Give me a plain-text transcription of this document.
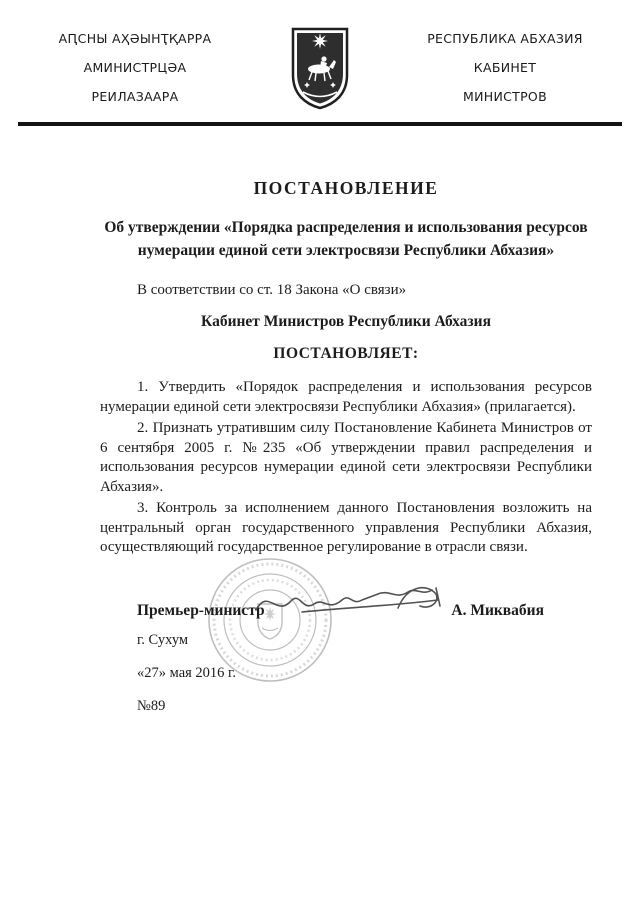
АԤСНЫ АҲӘЫНҬҚАРРА
АМИНИСТРЦӘА
РЕИЛАЗААРА
РЕСПУБЛИКА АБХАЗИЯ
КАБИНЕТ
МИНИСТРОВ
ПОСТАНОВЛЕНИЕ
Об утверждении «Порядка распределения и использования ресурсов
нумерации единой сети электросвязи Республики Абхазия»

В соответствии со ст. 18 Закона «О связи»

Кабинет Министров Республики Абхазия
ПОСТАНОВЛЯЕТ:

1. Утвердить «Порядок распределения и использования ресурсов нумерации единой сети электросвязи Республики Абхазия» (прилагается).

2. Признать утратившим силу Постановление Кабинета Министров от 6 сентября 2005 г. №235 «Об утверждении правил распределения и использования ресурсов нумерации единой сети электросвязи Республики Абхазия».

3. Контроль за исполнением данного Постановления возложить на центральный орган государственного управления Республики Абхазия, осуществляющий государственное регулирование в отрасли связи.

Премьер-министр	А. Миквабия
г. Сухум
«27» мая 2016 г.
№89
